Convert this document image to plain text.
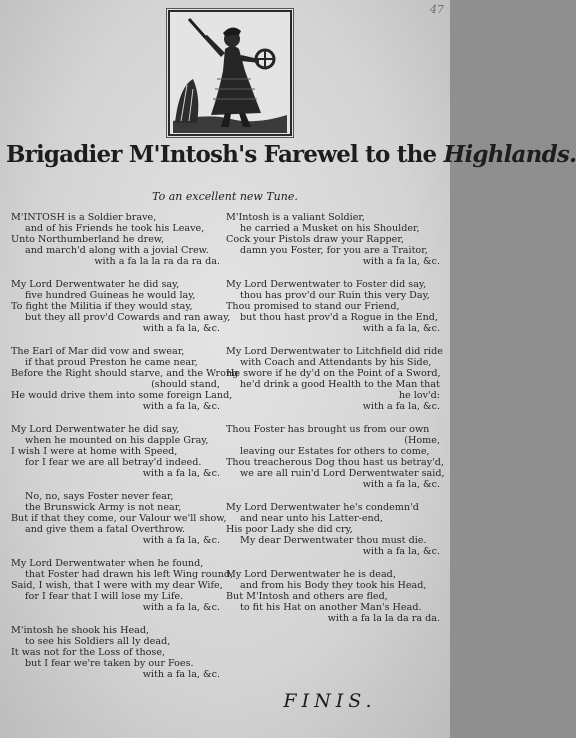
47
Brigadier M'Intosh's Farewel to the Highlands.
To an excellent new Tune.
M'INTOSH is a Soldier brave,
and of his Friends he took his Leave,
Unto Northumberland he drew,
and march'd along with a jovial Crew.
with a fa la la ra da ra da.
My Lord Derwentwater he did say,
five hundred Guineas he would lay,
To fight the Militia if they would stay,
but they all prov'd Cowards and ran away,
with a fa la, &c.
The Earl of Mar did vow and swear,
if that proud Preston he came near,
Before the Right should starve, and the Wrong
(should stand,
He would drive them into some foreign Land,
with a fa la, &c.
My Lord Derwentwater he did say,
when he mounted on his dapple Gray,
I wish I were at home with Speed,
for I fear we are all betray'd indeed.
with a fa la, &c.
No, no, says Foster never fear,
the Brunswick Army is not near,
But if that they come, our Valour we'll show,
and give them a fatal Overthrow.
with a fa la, &c.
My Lord Derwentwater when he found,
that Foster had drawn his left Wing round,
Said, I wish, that I were with my dear Wife,
for I fear that I will lose my Life.
with a fa la, &c.
M'intosh he shook his Head,
to see his Soldiers all ly dead,
It was not for the Loss of those,
but I fear we're taken by our Foes.
with a fa la, &c.
M'Intosh is a valiant Soldier,
he carried a Musket on his Shoulder,
Cock your Pistols draw your Rapper,
damn you Foster, for you are a Traitor,
with a fa la, &c.
My Lord Derwentwater to Foster did say,
thou has prov'd our Ruin this very Day,
Thou promised to stand our Friend,
but thou hast prov'd a Rogue in the End,
with a fa la, &c.
My Lord Derwentwater to Litchfield did ride
with Coach and Attendants by his Side,
He swore if he dy'd on the Point of a Sword,
he'd drink a good Health to the Man that
he lov'd:
with a fa la, &c.
Thou Foster has brought us from our own
(Home,
leaving our Estates for others to come,
Thou treacherous Dog thou hast us betray'd,
we are all ruin'd Lord Derwentwater said,
with a fa la, &c.
My Lord Derwentwater he's condemn'd
and near unto his Latter-end,
His poor Lady she did cry,
My dear Derwentwater thou must die.
with a fa la, &c.
My Lord Derwentwater he is dead,
and from his Body they took his Head,
But M'Intosh and others are fled,
to fit his Hat on another Man's Head.
with a fa la la da ra da.
FINIS.
